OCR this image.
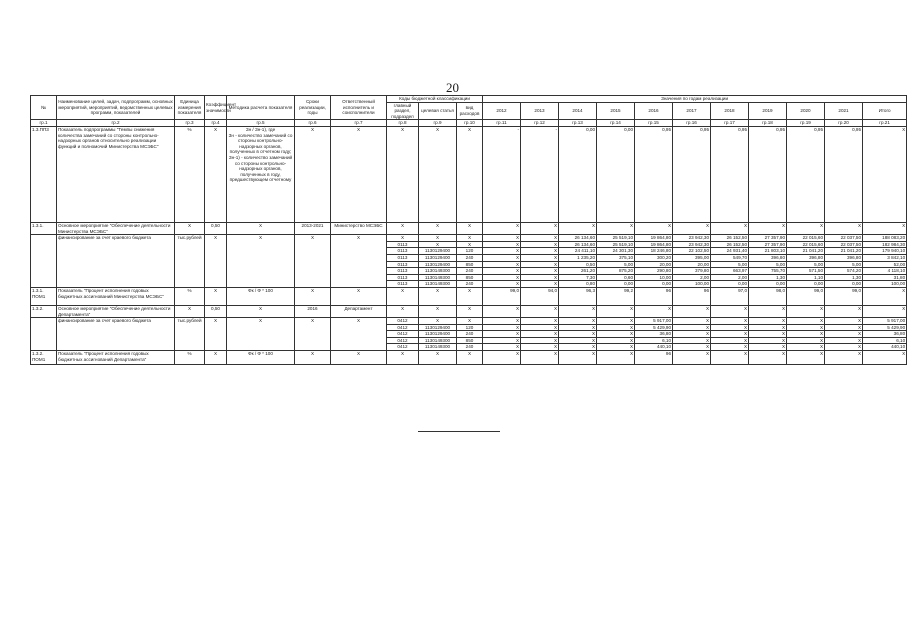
20
№	Наименование целей, задач, подпрограмм, основных мероприятий, мероприятий, ведомственных целевых программ, показателей	Единица измерения показателя	Коэффициент значимости	Методика расчета показателя	Сроки реализации, годы	Ответственный исполнитель и соисполнители	Коды бюджетной классификации			Значения по годам реализации										
							главный раздел, подраздел	целевая статья	вид расходов	2012	2013	2014	2015	2016	2017	2018	2019	2020	2021	Итого

гр.1	гр.2	гр.3	гр.4	гр.5	гр.6	гр.7	гр.8	гр.9	гр.10	гр.11	гр.12	гр.13	гр.14	гр.15	гр.16	гр.17	гр.18	гр.19	гр.20	гр.21
1.3.ПП3	Показатель подпрограммы "Темпы снижения количества замечаний со стороны контрольно-надзорных органов относительно реализации функций и полномочий Министерства МСЭБС"	%	Х	Зн / Зн-1), где
Зн - количество замечаний со стороны контрольно-надзорных органов, полученных в отчетном году;
Зн-1) - количество замечаний со стороны контрольно-надзорных органов, полученных в году, предшествующем отчетному	Х	Х	Х	Х	Х	-	-	0,00	0,00	0,95	0,95	0,95	0,95	0,95	0,95	Х
1.3.1.	Основное мероприятие "Обеспечение деятельности Министерства МСЭБС"	Х	0,50	Х	2013-2021	Министерство МСЭБС	Х	Х	Х	Х	Х	Х	Х	Х	Х	Х	Х	Х	Х	Х
	финансирование за счет краевого бюджета	тыс.рублей	Х	Х	Х	Х	Х	Х	Х	Х	Х	26 134,60	25 519,10	19 864,80	23 942,30	26 152,50	27 357,90	22 015,60	22 037,50	188 083,20
							0113	Х	Х	Х	Х	26 134,60	25 519,10	19 864,80	23 942,30	26 152,50	27 357,90	22 015,60	22 037,50	182 984,30
							0113	1130129400	120	Х	Х	24 411,10	24 301,30	18 246,80	22 102,50	24 931,40	21 803,10	21 041,20	21 041,20	179 940,10
							0113	1130129400	240	Х	Х	1 235,20	375,10	300,20	395,00	549,70	396,80	396,80	396,80	3 842,10
							0113	1130129400	850	Х	Х	0,50	5,00	20,00	20,00	5,00	5,00	5,00	5,00	52,00
							0113	1130149300	240	Х	Х	261,20	875,20	290,80	379,80	663,97	755,70	571,50	574,20	4 118,10
							0113	1130149300	850	Х	Х	7,30	0,60	10,00	2,00	2,00	1,30	1,10	1,30	31,80
							0113	1130149300	240	Х	Х	0,80	0,00	0,00	100,00	0,00	0,00	0,00	0,00	100,00
1.3.1. ПОМ1	Показатель "Процент исполнения годовых бюджетных ассигнований Министерства МСЭБС"	%	Х	Фк / Ф * 100	Х	Х	Х	Х	Х	99,0	94,0	96,3	99,2	96	96	97,0	98,0	99,0	99,0	Х
1.3.2.	Основное мероприятие "Обеспечение деятельности Департамента"	Х	0,50	Х	2016	Департамент	Х	Х	Х	Х	Х	Х	Х	Х	Х	Х	Х	Х	Х	Х
	финансирование за счет краевого бюджета	тыс.рублей	Х	Х	Х	Х	0412	Х	Х	Х	Х	Х	Х	5 917,00	Х	Х	Х	Х	Х	5 917,00
							0412	1130129400	120	Х	Х	Х	Х	5 429,90	Х	Х	Х	Х	Х	5 429,90
							0412	1130129400	240	Х	Х	Х	Х	36,80	Х	Х	Х	Х	Х	36,80
							0412	1130149300	850	Х	Х	Х	Х	6,10	Х	Х	Х	Х	Х	6,10
							0412	1130149300	240	Х	Х	Х	Х	440,10	Х	Х	Х	Х	Х	440,10
1.3.2. ПОМ1	Показатель "Процент исполнения годовых бюджетных ассигнований Департамента"	%	Х	Фк / Ф * 100	Х	Х	Х	Х	Х	Х	Х	Х	Х	96	Х	Х	Х	Х	Х	Х
